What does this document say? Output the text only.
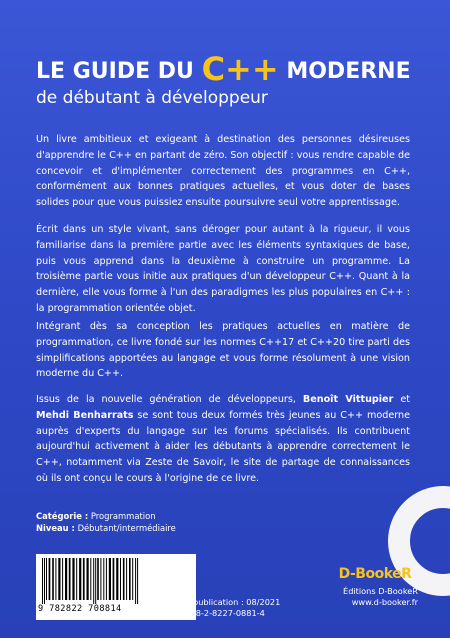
LE GUIDE DU C++ MODERNE
de débutant à développeur
Un livre ambitieux et exigeant à destination des personnes désireuses d'apprendre le C++ en partant de zéro. Son objectif : vous rendre capable de concevoir et d'implémenter correctement des programmes en C++, conformément aux bonnes pratiques actuelles, et vous doter de bases solides pour que vous puissiez ensuite poursuivre seul votre apprentissage.
Écrit dans un style vivant, sans déroger pour autant à la rigueur, il vous familiarise dans la première partie avec les éléments syntaxiques de base, puis vous apprend dans la deuxième à construire un programme. La troisième partie vous initie aux pratiques d'un développeur C++. Quant à la dernière, elle vous forme à l'un des paradigmes les plus populaires en C++ : la programmation orientée objet.
Intégrant dès sa conception les pratiques actuelles en matière de programmation, ce livre fondé sur les normes C++17 et C++20 tire parti des simplifications apportées au langage et vous forme résolument à une vision moderne du C++.
Issus de la nouvelle génération de développeurs, Benoît Vittupier et Mehdi Benharrats se sont tous deux formés très jeunes au C++ moderne auprès d'experts du langage sur les forums spécialisés. Ils contribuent aujourd'hui activement à aider les débutants à apprendre correctement le C++, notamment via Zeste de Savoir, le site de partage de connaissances où ils ont conçu le cours à l'origine de ce livre.
Catégorie : Programmation
Niveau : Débutant/intermédiaire
9 782822 708814
39 €
Réf. 0881
Date de publication : 08/2021
ISBN : 978-2-8227-0881-4
D-BookeR
Éditions D-BookeR
www.d-booker.fr
